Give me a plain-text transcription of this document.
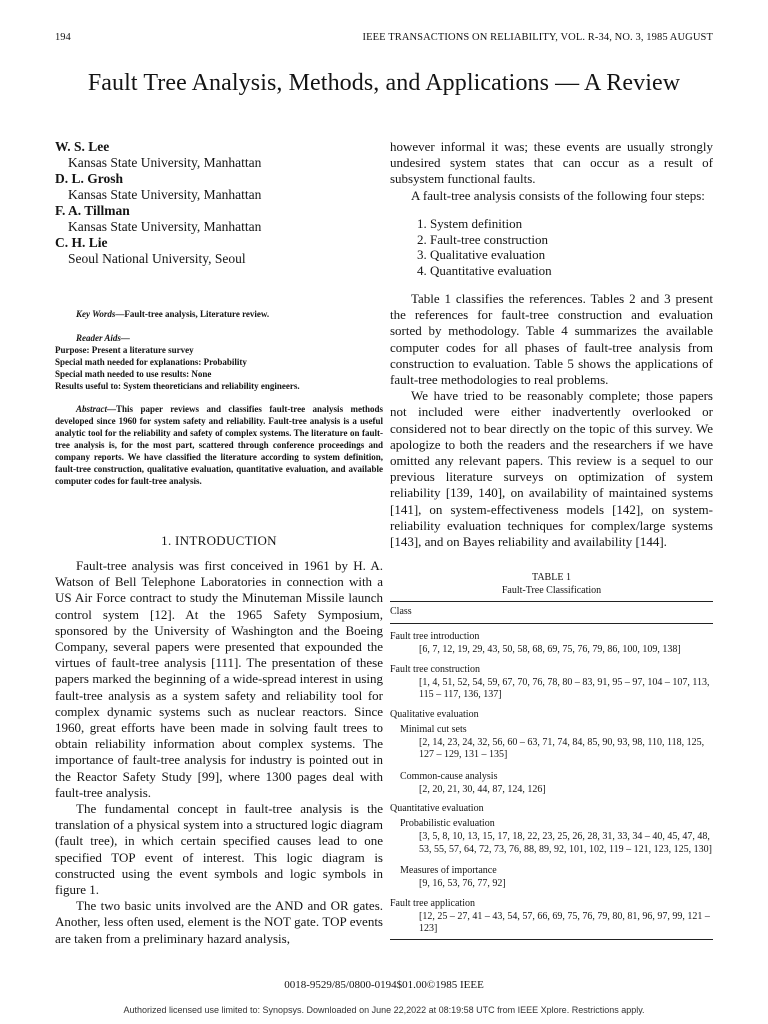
194	IEEE TRANSACTIONS ON RELIABILITY, VOL. R-34, NO. 3, 1985 AUGUST
Fault Tree Analysis, Methods, and Applications — A Review
W. S. Lee
Kansas State University, Manhattan
D. L. Grosh
Kansas State University, Manhattan
F. A. Tillman
Kansas State University, Manhattan
C. H. Lie
Seoul National University, Seoul
Key Words—Fault-tree analysis, Literature review.
Reader Aids—
Purpose: Present a literature survey
Special math needed for explanations: Probability
Special math needed to use results: None
Results useful to: System theoreticians and reliability engineers.
Abstract—This paper reviews and classifies fault-tree analysis methods developed since 1960 for system safety and reliability. Fault-tree analysis is a useful analytic tool for the reliability and safety of complex systems. The literature on fault-tree analysis is, for the most part, scattered through conference proceedings and company reports. We have classified the literature according to system definition, fault-tree construction, qualitative evaluation, quantitative evaluation, and available computer codes for fault-tree analysis.
1. INTRODUCTION

Fault-tree analysis was first conceived in 1961 by H. A. Watson of Bell Telephone Laboratories in connection with a US Air Force contract to study the Minuteman Missile launch control system [12]. At the 1965 Safety Symposium, sponsored by the University of Washington and the Boeing Company, several papers were presented that expounded the virtues of fault-tree analysis [111]. The presentation of these papers marked the beginning of a wide-spread interest in using fault-tree analysis as a system safety and reliability tool for complex dynamic systems such as nuclear reactors. Since 1960, great efforts have been made in solving fault trees to obtain reliability information about complex systems. The importance of fault-tree analysis for industry is pointed out in the Reactor Safety Study [99], where 1300 pages deal with fault-tree analysis.

The fundamental concept in fault-tree analysis is the translation of a physical system into a structured logic diagram (fault tree), in which certain specified causes lead to one specified TOP event of interest. This logic diagram is constructed using the event symbols and logic symbols in figure 1.

The two basic units involved are the AND and OR gates. Another, less often used, element is the NOT gate. TOP events are taken from a preliminary hazard analysis,

however informal it was; these events are usually strongly undesired system states that can occur as a result of subsystem functional faults.

A fault-tree analysis consists of the following four steps:

1. System definition
2. Fault-tree construction
3. Qualitative evaluation
4. Quantitative evaluation

Table 1 classifies the references. Tables 2 and 3 present the references for fault-tree construction and evaluation sorted by methodology. Table 4 summarizes the available computer codes for all phases of fault-tree analysis from construction to evaluation. Table 5 shows the applications of fault-tree methodologies to real problems.

We have tried to be reasonably complete; those papers not included were either inadvertently overlooked or considered not to bear directly on the topic of this survey. We apologize to both the readers and the researchers if we have omitted any relevant papers. This review is a sequel to our previous literature surveys on optimization of system reliability [139, 140], on availability of maintained systems [141], on system-effectiveness models [142], on system-reliability evaluation techniques for complex/large systems [143], and on Bayes reliability and availability [144].

TABLE 1
Fault-Tree Classification
Class
Fault tree introduction
[6, 7, 12, 19, 29, 43, 50, 58, 68, 69, 75, 76, 79, 86, 100, 109, 138]
Fault tree construction
[1, 4, 51, 52, 54, 59, 67, 70, 76, 78, 80 – 83, 91, 95 – 97, 104 – 107, 113, 115 – 117, 136, 137]
Qualitative evaluation
Minimal cut sets
[2, 14, 23, 24, 32, 56, 60 – 63, 71, 74, 84, 85, 90, 93, 98, 110, 118, 125, 127 – 129, 131 – 135]
Common-cause analysis
[2, 20, 21, 30, 44, 87, 124, 126]
Quantitative evaluation
Probabilistic evaluation
[3, 5, 8, 10, 13, 15, 17, 18, 22, 23, 25, 26, 28, 31, 33, 34 – 40, 45, 47, 48, 53, 55, 57, 64, 72, 73, 76, 88, 89, 92, 101, 102, 119 – 121, 123, 125, 130]
Measures of importance
[9, 16, 53, 76, 77, 92]
Fault tree application
[12, 25 – 27, 41 – 43, 54, 57, 66, 69, 75, 76, 79, 80, 81, 96, 97, 99, 121 – 123]
0018-9529/85/0800-0194$01.00©1985 IEEE
Authorized licensed use limited to: Synopsys. Downloaded on June 22,2022 at 08:19:58 UTC from IEEE Xplore. Restrictions apply.
